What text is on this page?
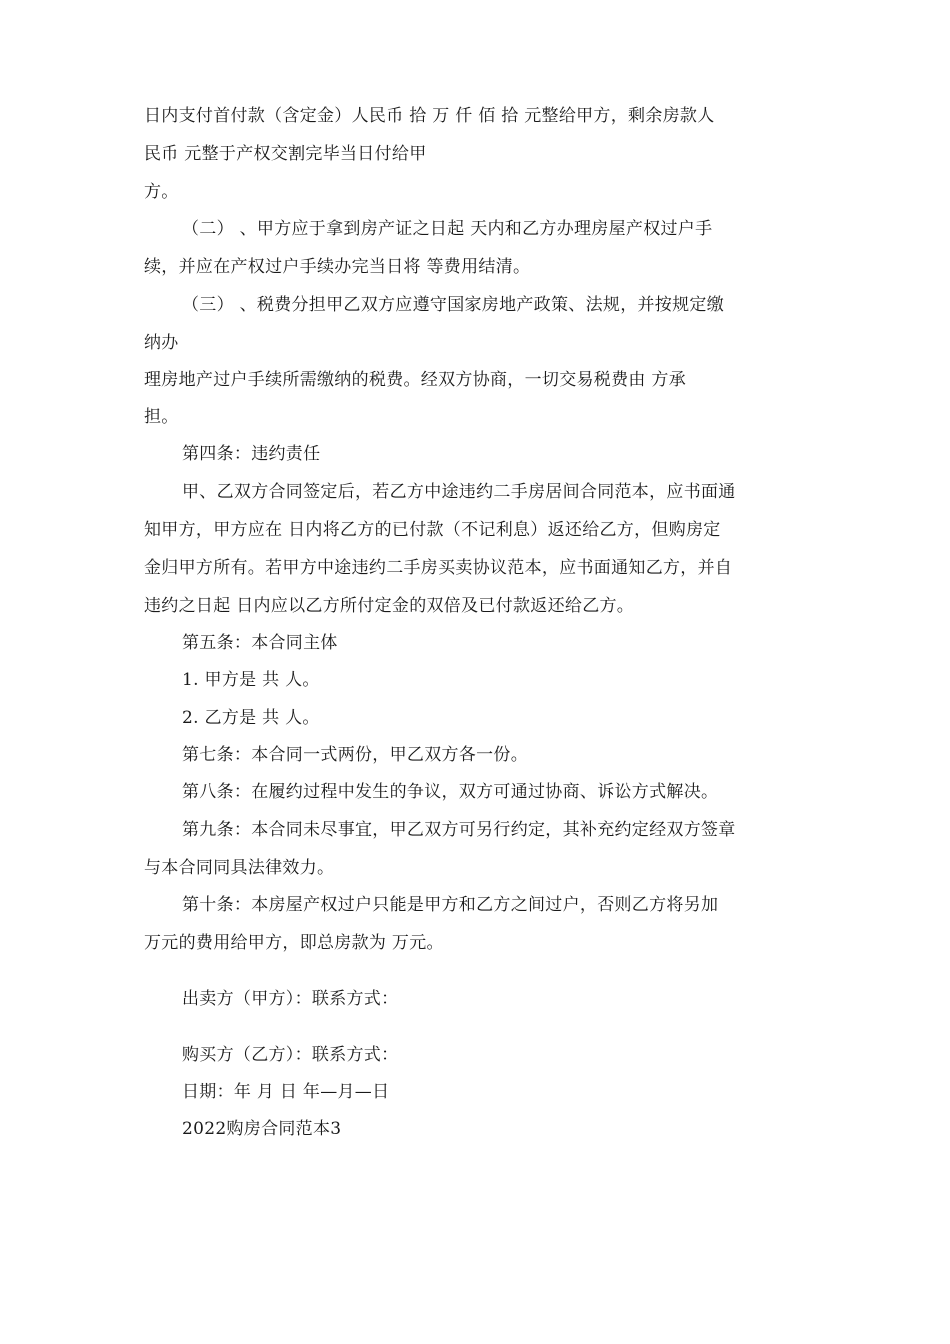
日内支付首付款（含定金）人民币 拾 万 仟 佰 拾 元整给甲方，剩余房款人
民币 元整于产权交割完毕当日付给甲
方。
（二） 、甲方应于拿到房产证之日起 天内和乙方办理房屋产权过户手
续，并应在产权过户手续办完当日将 等费用结清。
（三） 、税费分担甲乙双方应遵守国家房地产政策、法规，并按规定缴
纳办
理房地产过户手续所需缴纳的税费。经双方协商，一切交易税费由 方承
担。
第四条：违约责任
甲、乙双方合同签定后，若乙方中途违约二手房居间合同范本，应书面通
知甲方，甲方应在 日内将乙方的已付款（不记利息）返还给乙方，但购房定
金归甲方所有。若甲方中途违约二手房买卖协议范本，应书面通知乙方，并自
违约之日起 日内应以乙方所付定金的双倍及已付款返还给乙方。
第五条：本合同主体
1. 甲方是 共 人。
2. 乙方是 共 人。
第七条：本合同一式两份，甲乙双方各一份。
第八条：在履约过程中发生的争议，双方可通过协商、诉讼方式解决。
第九条：本合同未尽事宜，甲乙双方可另行约定，其补充约定经双方签章
与本合同同具法律效力。
第十条：本房屋产权过户只能是甲方和乙方之间过户，否则乙方将另加
万元的费用给甲方，即总房款为 万元。
出卖方（甲方）：联系方式：
购买方（乙方）：联系方式：
日期：年 月 日 年—月—日
2022购房合同范本3
